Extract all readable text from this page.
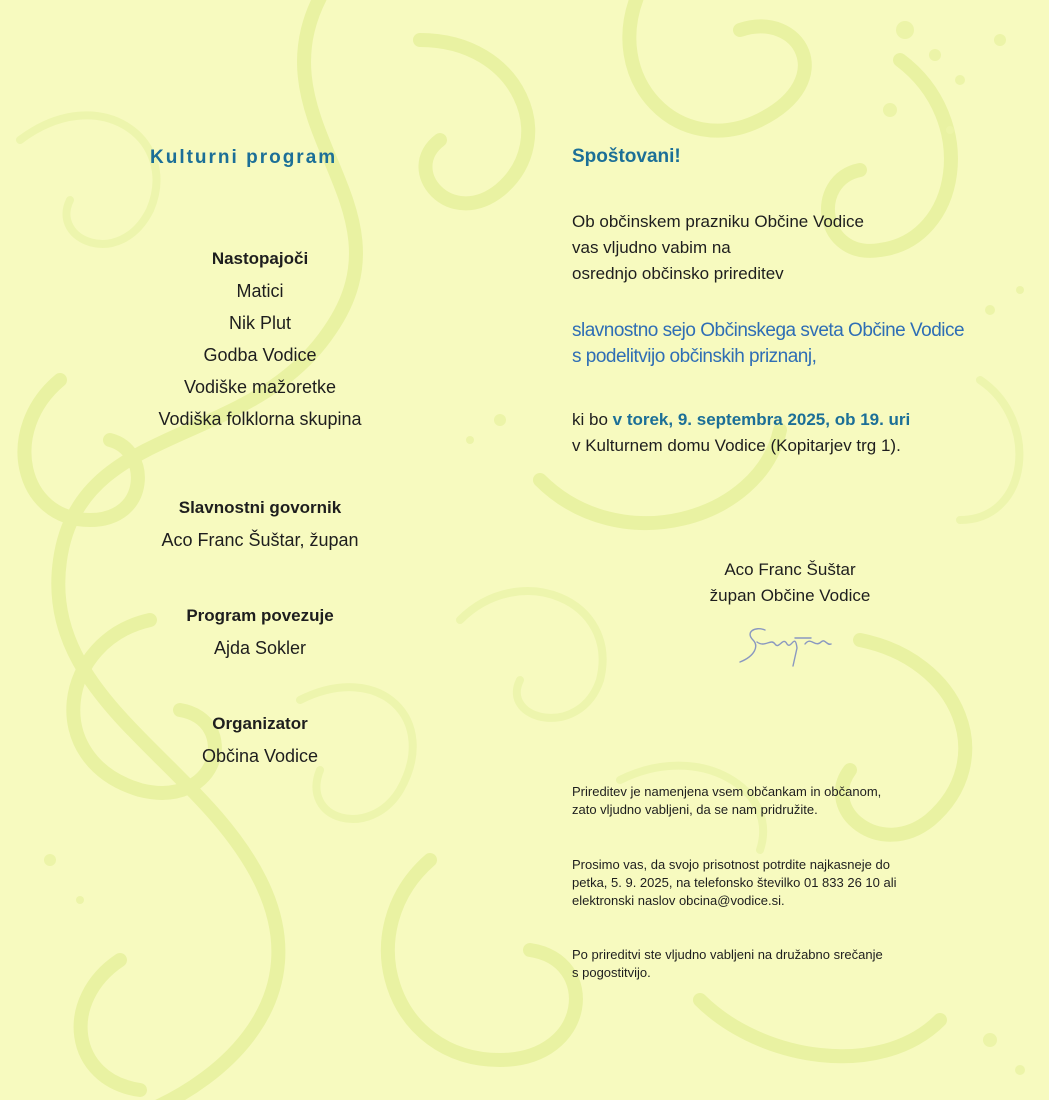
Kulturni program
Nastopajoči
Matici
Nik Plut
Godba Vodice
Vodiške mažoretke
Vodiška folklorna skupina
Slavnostni govornik
Aco Franc Šuštar, župan
Program povezuje
Ajda Sokler
Organizator
Občina Vodice
Spoštovani!
Ob občinskem prazniku Občine Vodice
vas vljudno vabim na
osrednjo občinsko prireditev
slavnostno sejo Občinskega sveta Občine Vodice
s podelitvijo občinskih priznanj,
ki bo v torek, 9. septembra 2025, ob 19. uri
v Kulturnem domu Vodice (Kopitarjev trg 1).
Aco Franc Šuštar
župan Občine Vodice
Prireditev je namenjena vsem občankam in občanom,
zato vljudno vabljeni, da se nam pridružite.
Prosimo vas, da svojo prisotnost potrdite najkasneje do
petka, 5. 9. 2025, na telefonsko številko 01 833 26 10 ali
elektronski naslov obcina@vodice.si.
Po prireditvi ste vljudno vabljeni na družabno srečanje
s pogostitvijo.
